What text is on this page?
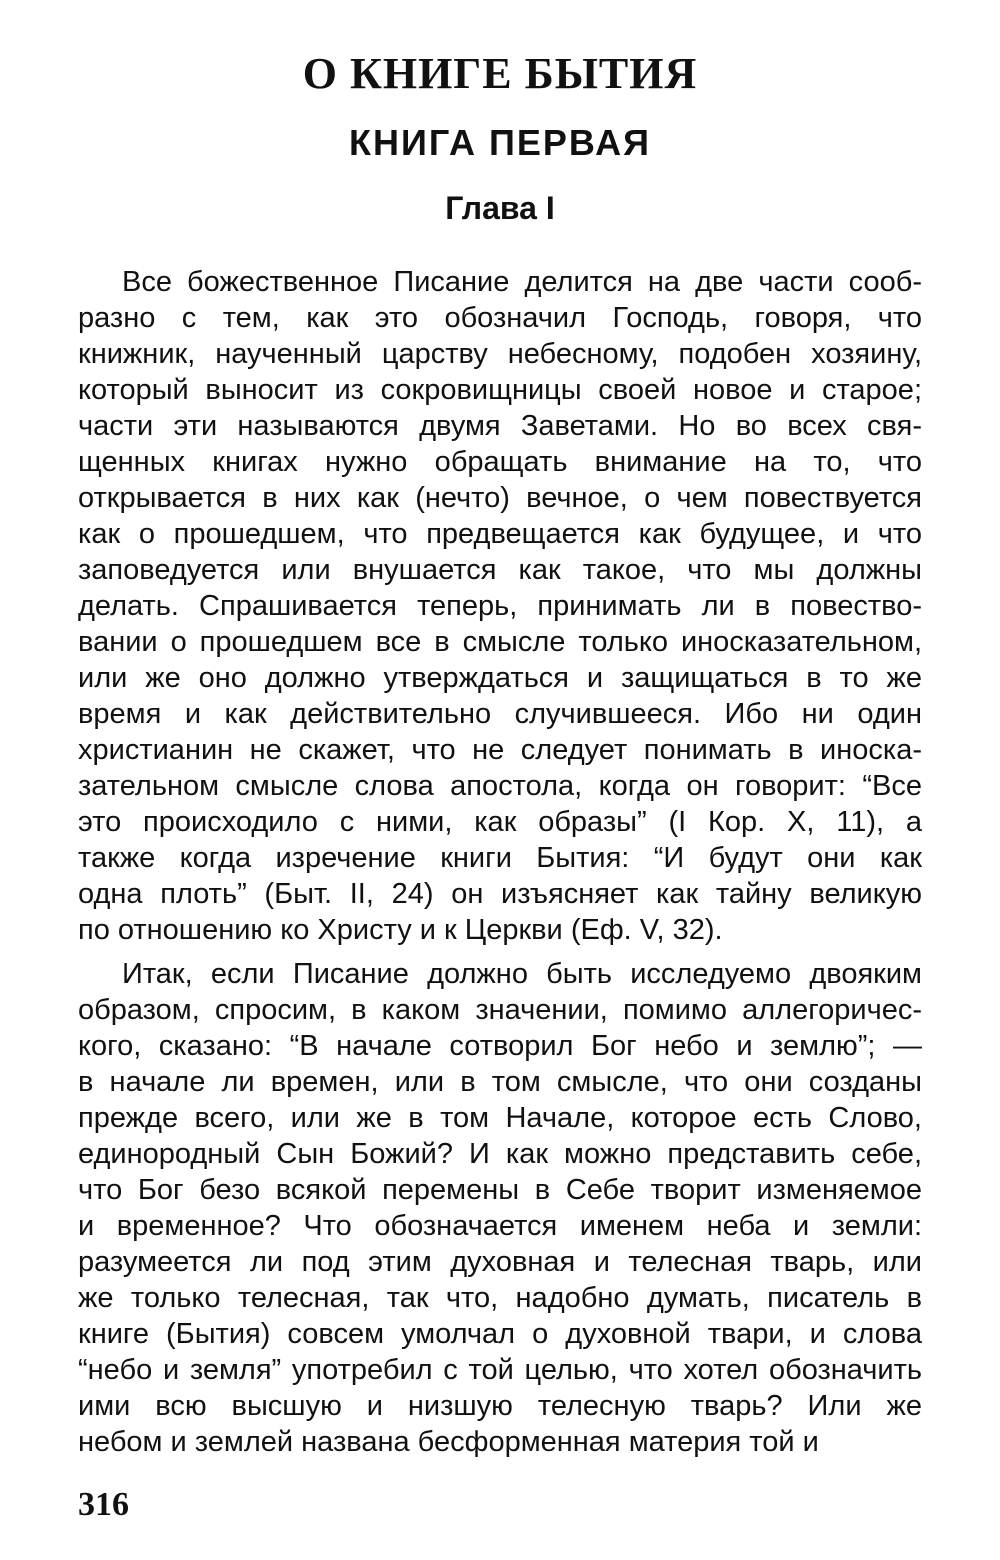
О КНИГЕ БЫТИЯ
КНИГА ПЕРВАЯ
Глава I
Все божественное Писание делится на две части сооб-
разно с тем, как это обозначил Господь, говоря, что
книжник, наученный царству небесному, подобен хозяину,
который выносит из сокровищницы своей новое и старое;
части эти называются двумя Заветами. Но во всех свя-
щенных книгах нужно обращать внимание на то, что
открывается в них как (нечто) вечное, о чем повествуется
как о прошедшем, что предвещается как будущее, и что
заповедуется или внушается как такое, что мы должны
делать. Спрашивается теперь, принимать ли в повество-
вании о прошедшем все в смысле только иносказательном,
или же оно должно утверждаться и защищаться в то же
время и как действительно случившееся. Ибо ни один
христианин не скажет, что не следует понимать в иноска-
зательном смысле слова апостола, когда он говорит: “Все
это происходило с ними, как образы” (I Кор. X, 11), а
также когда изречение книги Бытия: “И будут они как
одна плоть” (Быт. II, 24) он изъясняет как тайну великую
по отношению ко Христу и к Церкви (Еф. V, 32).
Итак, если Писание должно быть исследуемо двояким
образом, спросим, в каком значении, помимо аллегоричес-
кого, сказано: “В начале сотворил Бог небо и землю”; —
в начале ли времен, или в том смысле, что они созданы
прежде всего, или же в том Начале, которое есть Слово,
единородный Сын Божий? И как можно представить себе,
что Бог безо всякой перемены в Себе творит изменяемое
и временное? Что обозначается именем неба и земли:
разумеется ли под этим духовная и телесная тварь, или
же только телесная, так что, надобно думать, писатель в
книге (Бытия) совсем умолчал о духовной твари, и слова
“небо и земля” употребил с той целью, что хотел обозначить
ими всю высшую и низшую телесную тварь? Или же
небом и землей названа бесформенная материя той и
316
